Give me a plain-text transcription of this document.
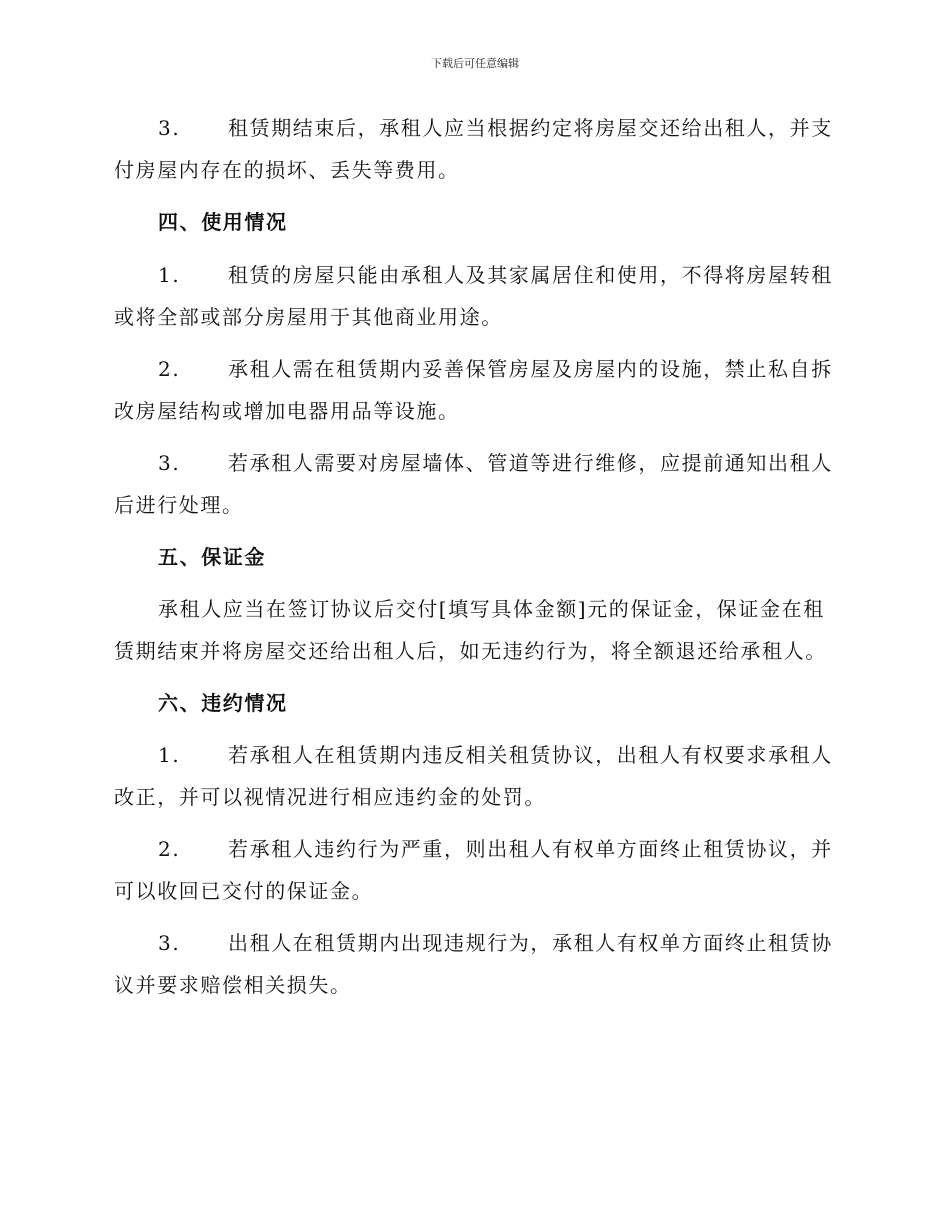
下载后可任意编辑
3. 租赁期结束后，承租人应当根据约定将房屋交还给出租人，并支
付房屋内存在的损坏、丢失等费用。
四、使用情况
1. 租赁的房屋只能由承租人及其家属居住和使用，不得将房屋转租
或将全部或部分房屋用于其他商业用途。
2. 承租人需在租赁期内妥善保管房屋及房屋内的设施，禁止私自拆
改房屋结构或增加电器用品等设施。
3. 若承租人需要对房屋墙体、管道等进行维修，应提前通知出租人
后进行处理。
五、保证金
承租人应当在签订协议后交付[填写具体金额]元的保证金，保证金在租
赁期结束并将房屋交还给出租人后，如无违约行为，将全额退还给承租人。
六、违约情况
1. 若承租人在租赁期内违反相关租赁协议，出租人有权要求承租人
改正，并可以视情况进行相应违约金的处罚。
2. 若承租人违约行为严重，则出租人有权单方面终止租赁协议，并
可以收回已交付的保证金。
3. 出租人在租赁期内出现违规行为，承租人有权单方面终止租赁协
议并要求赔偿相关损失。
